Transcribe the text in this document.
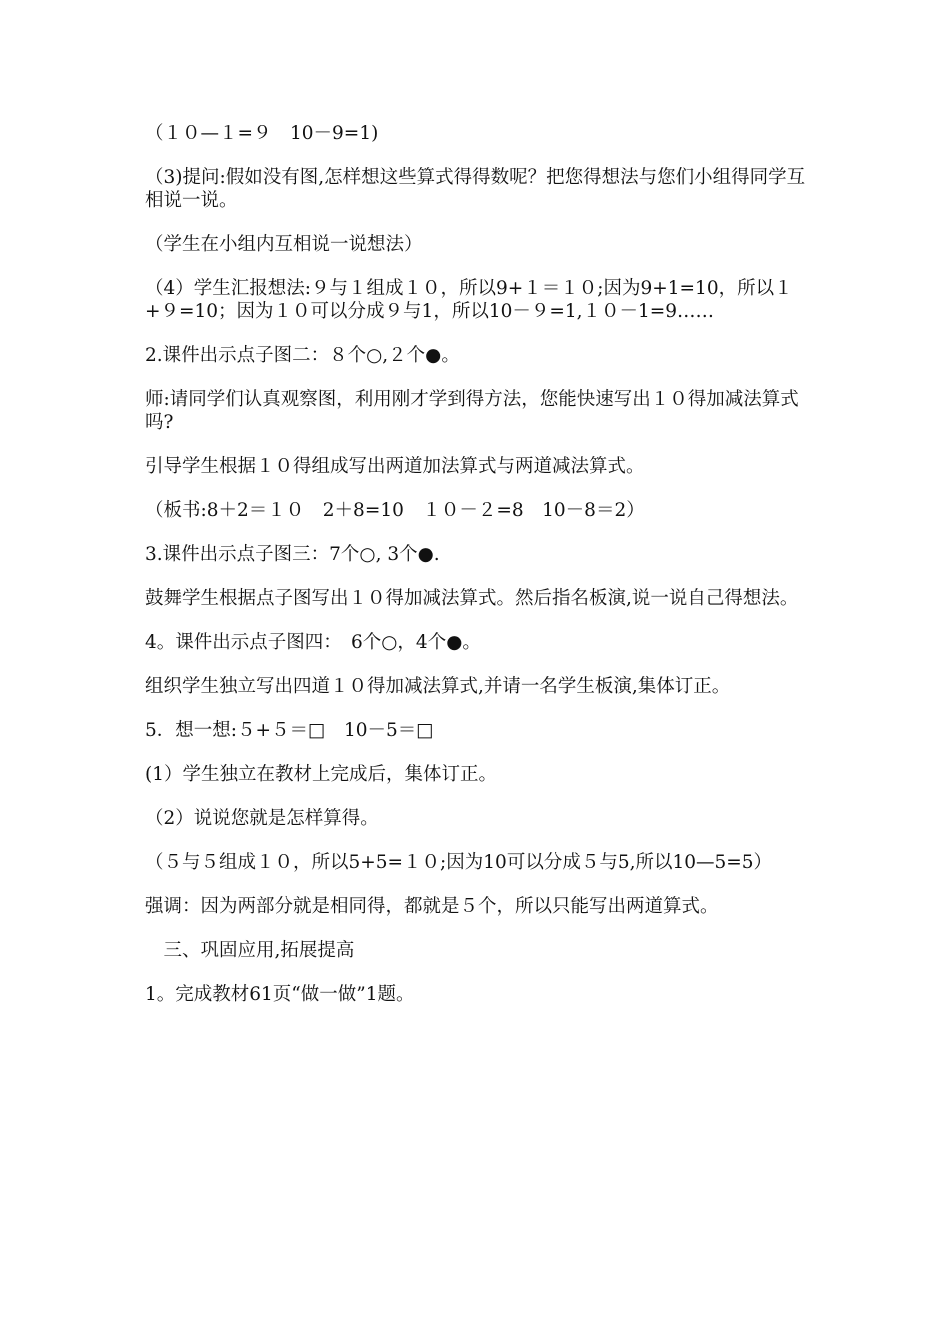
（１０—１=９　10－9=1)

（3)提问:假如没有图,怎样想这些算式得得数呢？把您得想法与您们小组得同学互相说一说。

（学生在小组内互相说一说想法）

（4）学生汇报想法:９与１组成１０，所以9+１＝１０;因为9+1=10，所以１+９=10；因为１０可以分成９与1，所以10－９=1,１０－1=9……

2.课件出示点子图二：８个○,２个●。

师:请同学们认真观察图，利用刚才学到得方法，您能快速写出１０得加减法算式吗?

引导学生根据１０得组成写出两道加法算式与两道减法算式。

（板书:8＋2＝１０　2＋8=10　１０－２=8　10－8＝2）

3.课件出示点子图三：7个○, 3个●.

鼓舞学生根据点子图写出１０得加减法算式。然后指名板演,说一说自己得想法。

4。课件出示点子图四：　6个○，4个●。

组织学生独立写出四道１０得加减法算式,并请一名学生板演,集体订正。

5．想一想:５+５＝□　10－5＝□

(1）学生独立在教材上完成后，集体订正。

（2）说说您就是怎样算得。

（５与５组成１０，所以5+5=１０;因为10可以分成５与5,所以10—5=5）

强调：因为两部分就是相同得，都就是５个，所以只能写出两道算式。

　三、巩固应用,拓展提高

1。完成教材61页“做一做”1题。
